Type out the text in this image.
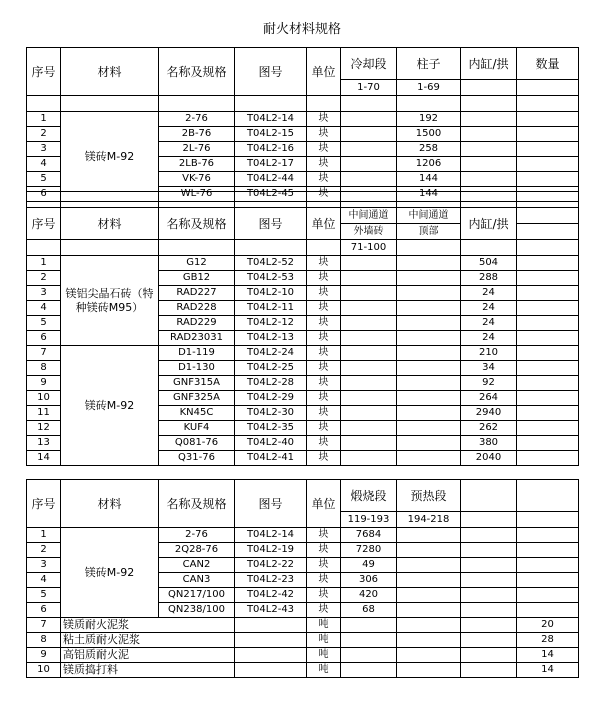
耐火材料规格
序号	材料	名称及规格	图号	单位	冷却段	柱子	内缸/拱	数量
					1-70	1-69		

1	镁砖M-92	2-76	T04L2-14	块		192		
2		2B-76	T04L2-15	块		1500		
3		2L-76	T04L2-16	块		258		
4		2LB-76	T04L2-17	块		1206		
5		VK-76	T04L2-44	块		144		
6		WL-76	T04L2-45	块		144		

序号	材料	名称及规格	图号	单位	中间通道	中间通道	内缸/拱	
					外墙砖	顶部		
					71-100			
1	镁铝尖晶石砖（特种镁砖M95）	G12	T04L2-52	块			504	
2		GB12	T04L2-53	块			288	
3		RAD227	T04L2-10	块			24	
4		RAD228	T04L2-11	块			24	
5		RAD229	T04L2-12	块			24	
6		RAD23031	T04L2-13	块			24	
7	镁砖M-92	D1-119	T04L2-24	块			210	
8		D1-130	T04L2-25	块			34	
9		GNF315A	T04L2-28	块			92	
10		GNF325A	T04L2-29	块			264	
11		KN45C	T04L2-30	块			2940	
12		KUF4	T04L2-35	块			262	
13		Q081-76	T04L2-40	块			380	
14		Q31-76	T04L2-41	块			2040	
序号	材料	名称及规格	图号	单位	煅烧段	预热段		
					119-193	194-218		
1	镁砖M-92	2-76	T04L2-14	块	7684			
2		2Q28-76	T04L2-19	块	7280			
3		CAN2	T04L2-22	块	49			
4		CAN3	T04L2-23	块	306			
5		QN217/100	T04L2-42	块	420			
6		QN238/100	T04L2-43	块	68			
7	镁质耐火泥浆			吨				20
8	粘土质耐火泥浆			吨				28
9	高铝质耐火泥			吨				14
10	镁质捣打料			吨				14
